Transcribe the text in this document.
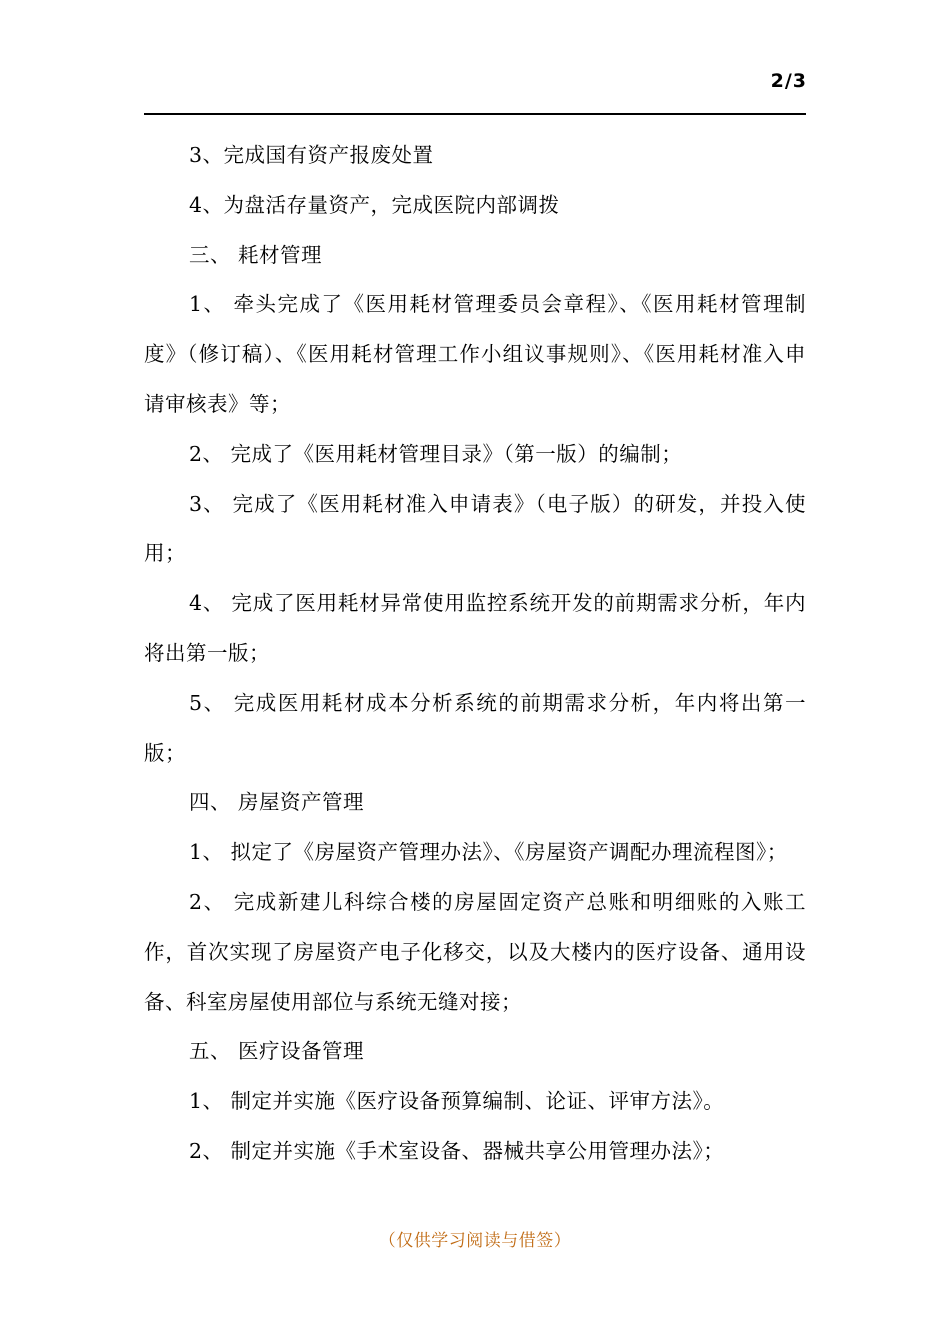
2/3

3、完成国有资产报废处置

4、为盘活存量资产，完成医院内部调拨

三、 耗材管理

1、 牵头完成了《医用耗材管理委员会章程》、《医用耗材管理制度》（修订稿）、《医用耗材管理工作小组议事规则》、《医用耗材准入申请审核表》等；

2、 完成了《医用耗材管理目录》（第一版）的编制；

3、 完成了《医用耗材准入申请表》（电子版）的研发，并投入使用；

4、 完成了医用耗材异常使用监控系统开发的前期需求分析，年内将出第一版；

5、 完成医用耗材成本分析系统的前期需求分析，年内将出第一版；

四、 房屋资产管理

1、 拟定了《房屋资产管理办法》、《房屋资产调配办理流程图》；

2、 完成新建儿科综合楼的房屋固定资产总账和明细账的入账工作，首次实现了房屋资产电子化移交，以及大楼内的医疗设备、通用设备、科室房屋使用部位与系统无缝对接；

五、 医疗设备管理

1、 制定并实施《医疗设备预算编制、论证、评审方法》。

2、 制定并实施《手术室设备、器械共享公用管理办法》；

（仅供学习阅读与借签）
